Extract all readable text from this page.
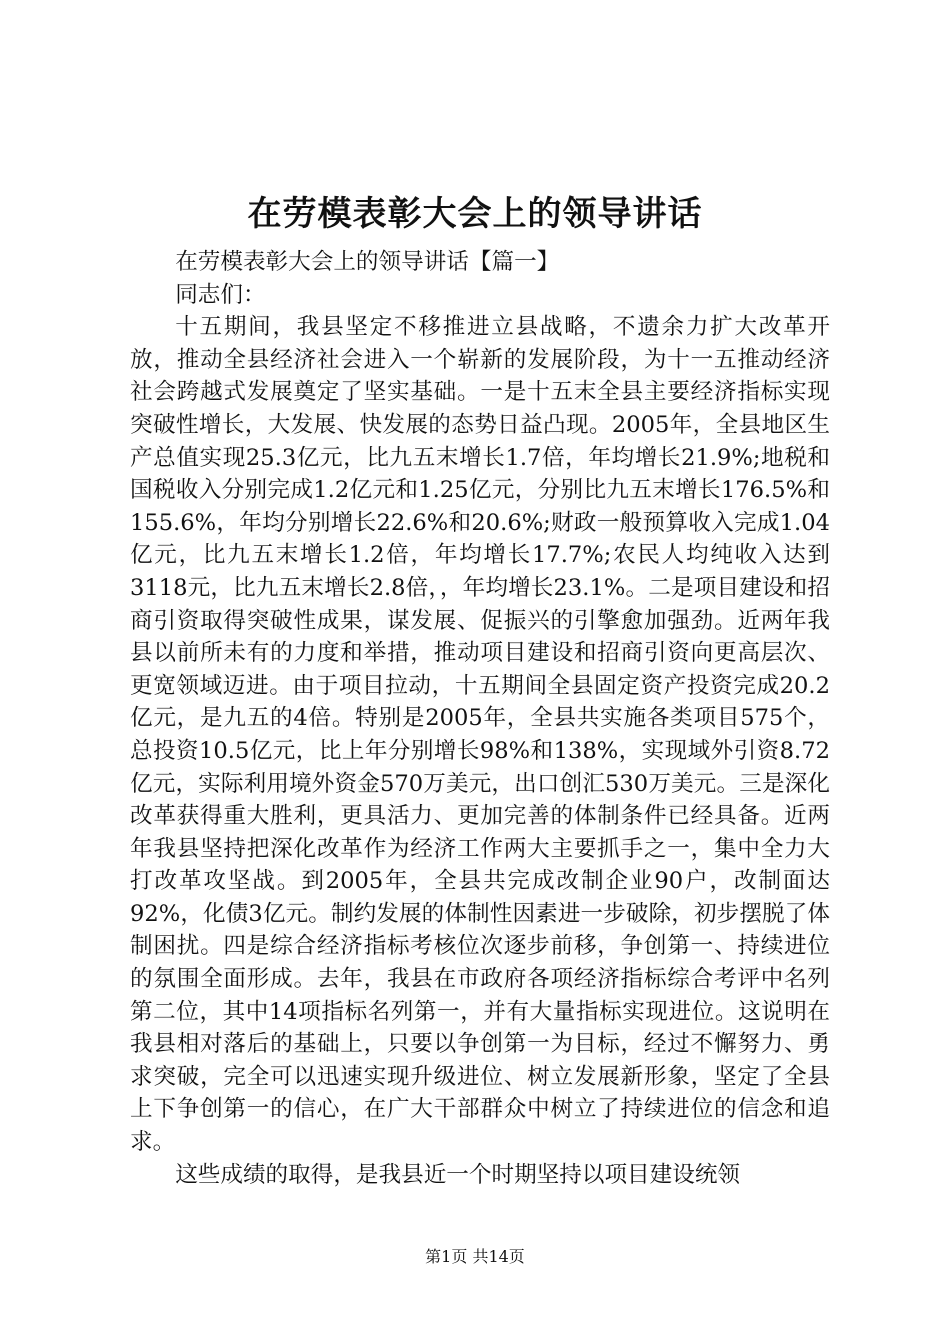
在劳模表彰大会上的领导讲话

在劳模表彰大会上的领导讲话【篇一】

同志们：

十五期间，我县坚定不移推进立县战略，不遗余力扩大改革开放，推动全县经济社会进入一个崭新的发展阶段，为十一五推动经济社会跨越式发展奠定了坚实基础。一是十五末全县主要经济指标实现突破性增长，大发展、快发展的态势日益凸现。2005年，全县地区生产总值实现25.3亿元，比九五末增长1.7倍，年均增长21.9%;地税和国税收入分别完成1.2亿元和1.25亿元，分别比九五末增长176.5%和155.6%，年均分别增长22.6%和20.6%;财政一般预算收入完成1.04亿元，比九五末增长1.2倍，年均增长17.7%;农民人均纯收入达到3118元，比九五末增长2.8倍，，年均增长23.1%。二是项目建设和招商引资取得突破性成果，谋发展、促振兴的引擎愈加强劲。近两年我县以前所未有的力度和举措，推动项目建设和招商引资向更高层次、更宽领域迈进。由于项目拉动，十五期间全县固定资产投资完成20.2亿元，是九五的4倍。特别是2005年，全县共实施各类项目575个，总投资10.5亿元，比上年分别增长98%和138%，实现域外引资8.72亿元，实际利用境外资金570万美元，出口创汇530万美元。三是深化改革获得重大胜利，更具活力、更加完善的体制条件已经具备。近两年我县坚持把深化改革作为经济工作两大主要抓手之一，集中全力大打改革攻坚战。到2005年，全县共完成改制企业90户，改制面达92%，化债3亿元。制约发展的体制性因素进一步破除，初步摆脱了体制困扰。四是综合经济指标考核位次逐步前移，争创第一、持续进位的氛围全面形成。去年，我县在市政府各项经济指标综合考评中名列第二位，其中14项指标名列第一，并有大量指标实现进位。这说明在我县相对落后的基础上，只要以争创第一为目标，经过不懈努力、勇求突破，完全可以迅速实现升级进位、树立发展新形象，坚定了全县上下争创第一的信心，在广大干部群众中树立了持续进位的信念和追求。

这些成绩的取得，是我县近一个时期坚持以项目建设统领

第1页 共14页
